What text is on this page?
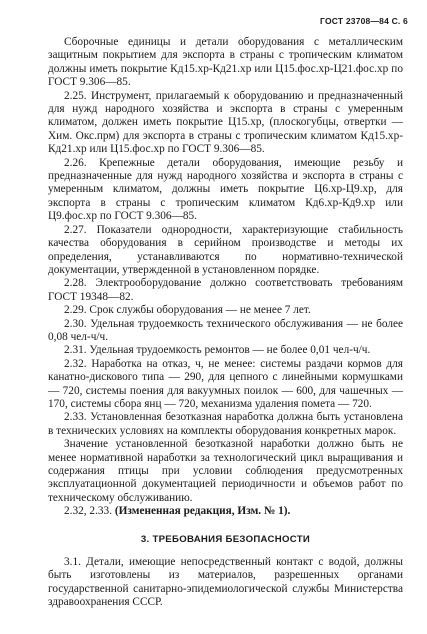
ГОСТ 23708—84 С. 6

Сборочные единицы и детали оборудования с металлическим защитным покрытием для экспорта в страны с тропическим климатом должны иметь покрытие Кд15.хр-Кд21.хр или Ц15.фос.хр-Ц21.фос.хр по ГОСТ 9.306—85.

2.25. Инструмент, прилагаемый к оборудованию и предназначенный для нужд народного хозяйства и экспорта в страны с умеренным климатом, должен иметь покрытие Ц15.хр, (плоскогубцы, отвертки — Хим. Окс.прм) для экспорта в страны с тропическим климатом Кд15.хр-Кд21.хр или Ц15.фос.хр по ГОСТ 9.306—85.

2.26. Крепежные детали оборудования, имеющие резьбу и предназначенные для нужд народного хозяйства и экспорта в страны с умеренным климатом, должны иметь покрытие Ц6.хр-Ц9.хр, для экспорта в страны с тропическим климатом Кд6.хр-Кд9.хр или Ц9.фос.хр по ГОСТ 9.306—85.

2.27. Показатели однородности, характеризующие стабильность качества оборудования в серийном производстве и методы их определения, устанавливаются по нормативно-технической документации, утвержденной в установленном порядке.

2.28. Электрооборудование должно соответствовать требованиям ГОСТ 19348—82.

2.29. Срок службы оборудования — не менее 7 лет.

2.30. Удельная трудоемкость технического обслуживания — не более 0,08 чел-ч/ч.

2.31. Удельная трудоемкость ремонтов — не более 0,01 чел-ч/ч.

2.32. Наработка на отказ, ч, не менее: системы раздачи кормов для канатно-дискового типа — 290, для цепного с линейными кормушками — 720, системы поения для вакуумных поилок — 600, для чашечных — 170, системы сбора янц — 720, механизма удаления помета — 720.

2.33. Установленная безотказная наработка должна быть установлена в технических условиях на комплекты оборудования конкретных марок.

Значение установленной безотказной наработки должно быть не менее нормативной наработки за технологический цикл выращивания и содержания птицы при условии соблюдения предусмотренных эксплуатационной документацией периодичности и объемов работ по техническому обслуживанию.

2.32, 2.33. (Измененная редакция, Изм. № 1).

3. ТРЕБОВАНИЯ БЕЗОПАСНОСТИ

3.1. Детали, имеющие непосредственный контакт с водой, должны быть изготовлены из материалов, разрешенных органами государственной санитарно-эпидемиологической службы Министерства здравоохранения СССР.
